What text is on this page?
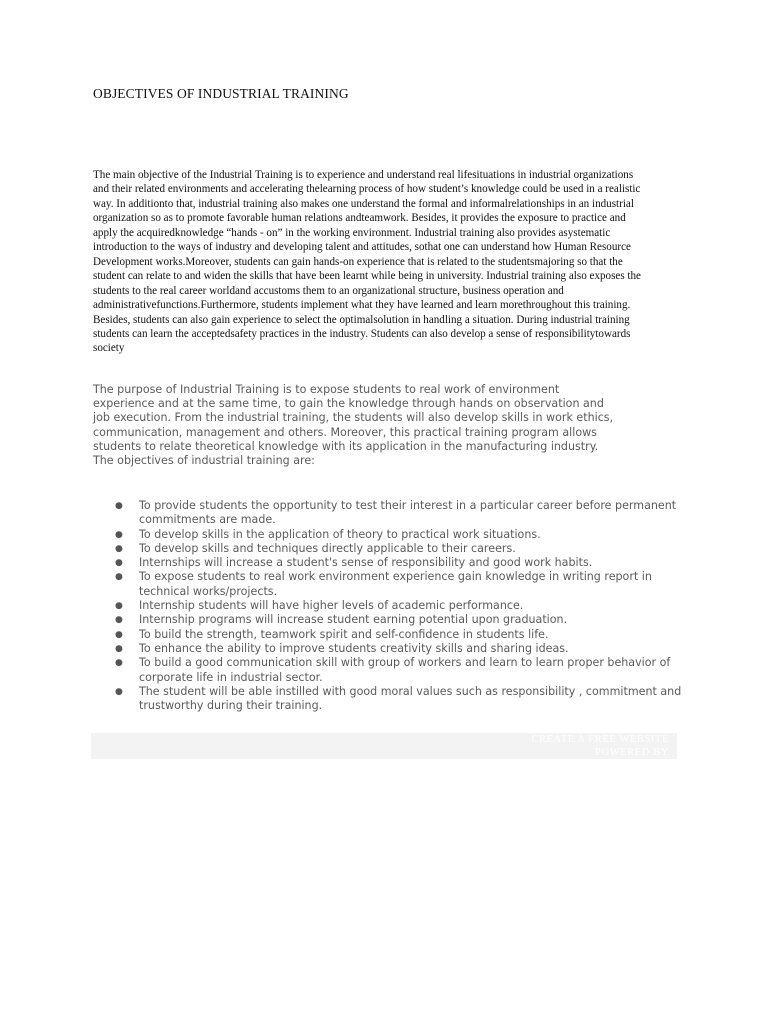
OBJECTIVES OF INDUSTRIAL TRAINING
The main objective of the Industrial Training is to experience and understand real lifesituations in industrial organizations
and their related environments and accelerating thelearning process of how student’s knowledge could be used in a realistic
way. In additionto that, industrial training also makes one understand the formal and informalrelationships in an industrial
organization so as to promote favorable human relations andteamwork. Besides, it provides the exposure to practice and
apply the acquiredknowledge “hands - on” in the working environment. Industrial training also provides asystematic
introduction to the ways of industry and developing talent and attitudes, sothat one can understand how Human Resource
Development works.Moreover, students can gain hands-on experience that is related to the studentsmajoring so that the
student can relate to and widen the skills that have been learnt while being in university. Industrial training also exposes the
students to the real career worldand accustoms them to an organizational structure, business operation and
administrativefunctions.Furthermore, students implement what they have learned and learn morethroughout this training.
Besides, students can also gain experience to select the optimalsolution in handling a situation. During industrial training
students can learn the acceptedsafety practices in the industry. Students can also develop a sense of responsibilitytowards
society
The purpose of Industrial Training is to expose students to real work of environment
experience and at the same time, to gain the knowledge through hands on observation and
job execution. From the industrial training, the students will also develop skills in work ethics,
communication, management and others. Moreover, this practical training program allows
students to relate theoretical knowledge with its application in the manufacturing industry.
The objectives of industrial training are:
● To provide students the opportunity to test their interest in a particular career before permanent
commitments are made.
● To develop skills in the application of theory to practical work situations.
● To develop skills and techniques directly applicable to their careers.
● Internships will increase a student's sense of responsibility and good work habits.
● To expose students to real work environment experience gain knowledge in writing report in
technical works/projects.
● Internship students will have higher levels of academic performance.
● Internship programs will increase student earning potential upon graduation.
● To build the strength, teamwork spirit and self-confidence in students life.
● To enhance the ability to improve students creativity skills and sharing ideas.
● To build a good communication skill with group of workers and learn to learn proper behavior of
corporate life in industrial sector.
● The student will be able instilled with good moral values such as responsibility , commitment and
trustworthy during their training.
CREATE A FREE WEBSITE
POWERED BY
